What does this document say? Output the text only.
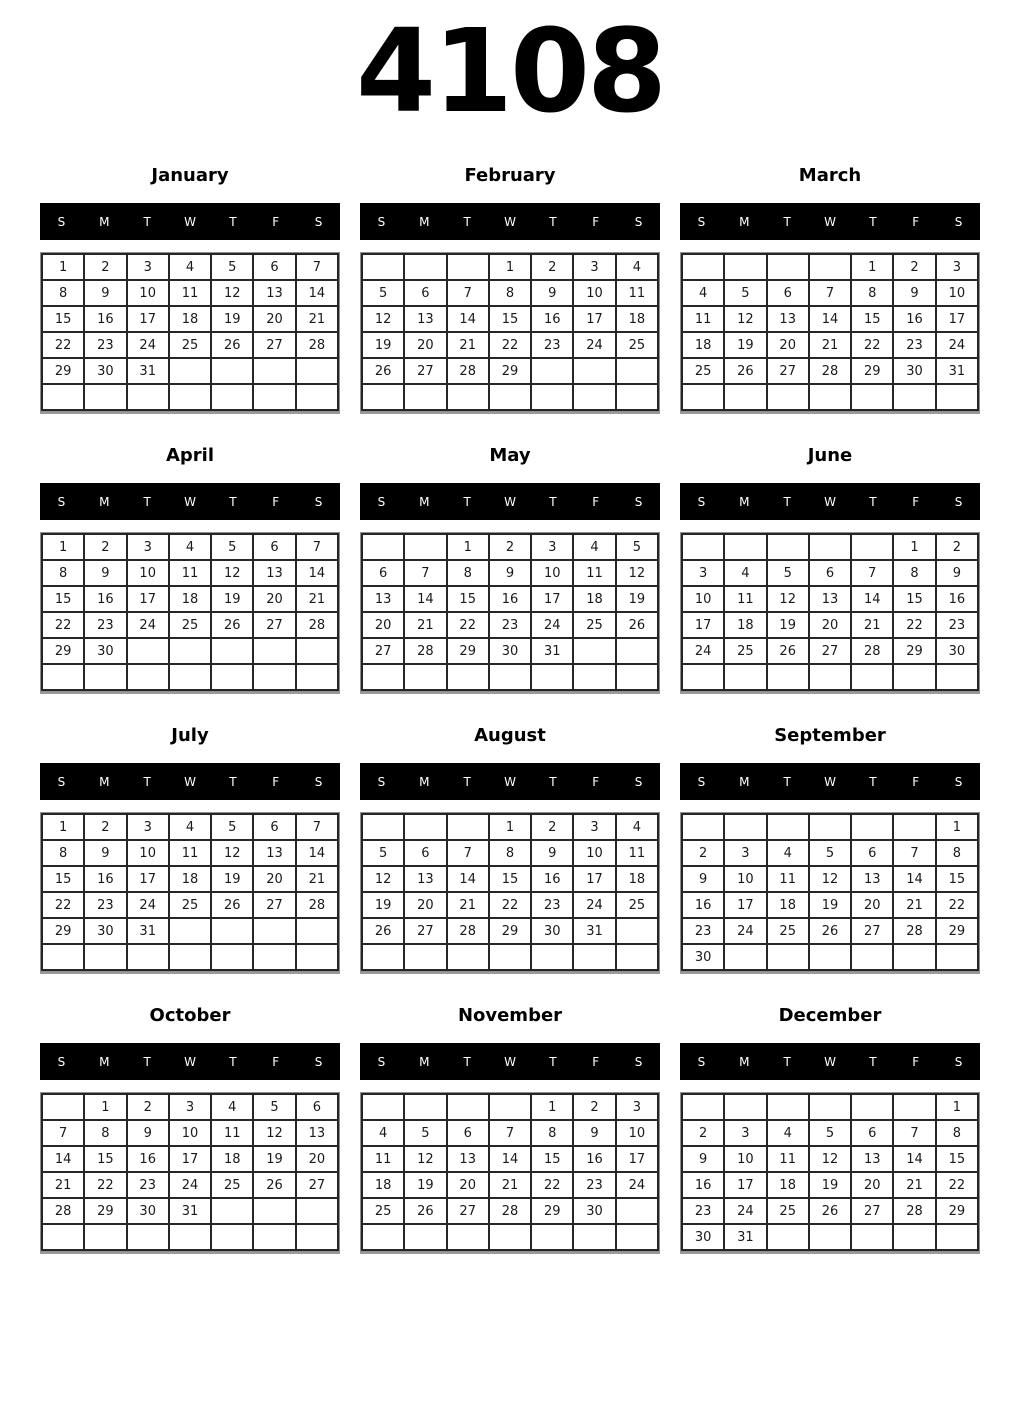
4108
January
S	M	T	W	T	F	S
1	2	3	4	5	6	7
8	9	10	11	12	13	14
15	16	17	18	19	20	21
22	23	24	25	26	27	28
29	30	31				

February
S	M	T	W	T	F	S
			1	2	3	4
5	6	7	8	9	10	11
12	13	14	15	16	17	18
19	20	21	22	23	24	25
26	27	28	29			

March
S	M	T	W	T	F	S
				1	2	3
4	5	6	7	8	9	10
11	12	13	14	15	16	17
18	19	20	21	22	23	24
25	26	27	28	29	30	31

April
S	M	T	W	T	F	S
1	2	3	4	5	6	7
8	9	10	11	12	13	14
15	16	17	18	19	20	21
22	23	24	25	26	27	28
29	30					

May
S	M	T	W	T	F	S
		1	2	3	4	5
6	7	8	9	10	11	12
13	14	15	16	17	18	19
20	21	22	23	24	25	26
27	28	29	30	31		

June
S	M	T	W	T	F	S
					1	2
3	4	5	6	7	8	9
10	11	12	13	14	15	16
17	18	19	20	21	22	23
24	25	26	27	28	29	30

July
S	M	T	W	T	F	S
1	2	3	4	5	6	7
8	9	10	11	12	13	14
15	16	17	18	19	20	21
22	23	24	25	26	27	28
29	30	31				

August
S	M	T	W	T	F	S
			1	2	3	4
5	6	7	8	9	10	11
12	13	14	15	16	17	18
19	20	21	22	23	24	25
26	27	28	29	30	31	

September
S	M	T	W	T	F	S
						1
2	3	4	5	6	7	8
9	10	11	12	13	14	15
16	17	18	19	20	21	22
23	24	25	26	27	28	29
30						
October
S	M	T	W	T	F	S
	1	2	3	4	5	6
7	8	9	10	11	12	13
14	15	16	17	18	19	20
21	22	23	24	25	26	27
28	29	30	31			

November
S	M	T	W	T	F	S
				1	2	3
4	5	6	7	8	9	10
11	12	13	14	15	16	17
18	19	20	21	22	23	24
25	26	27	28	29	30	

December
S	M	T	W	T	F	S
						1
2	3	4	5	6	7	8
9	10	11	12	13	14	15
16	17	18	19	20	21	22
23	24	25	26	27	28	29
30	31					
